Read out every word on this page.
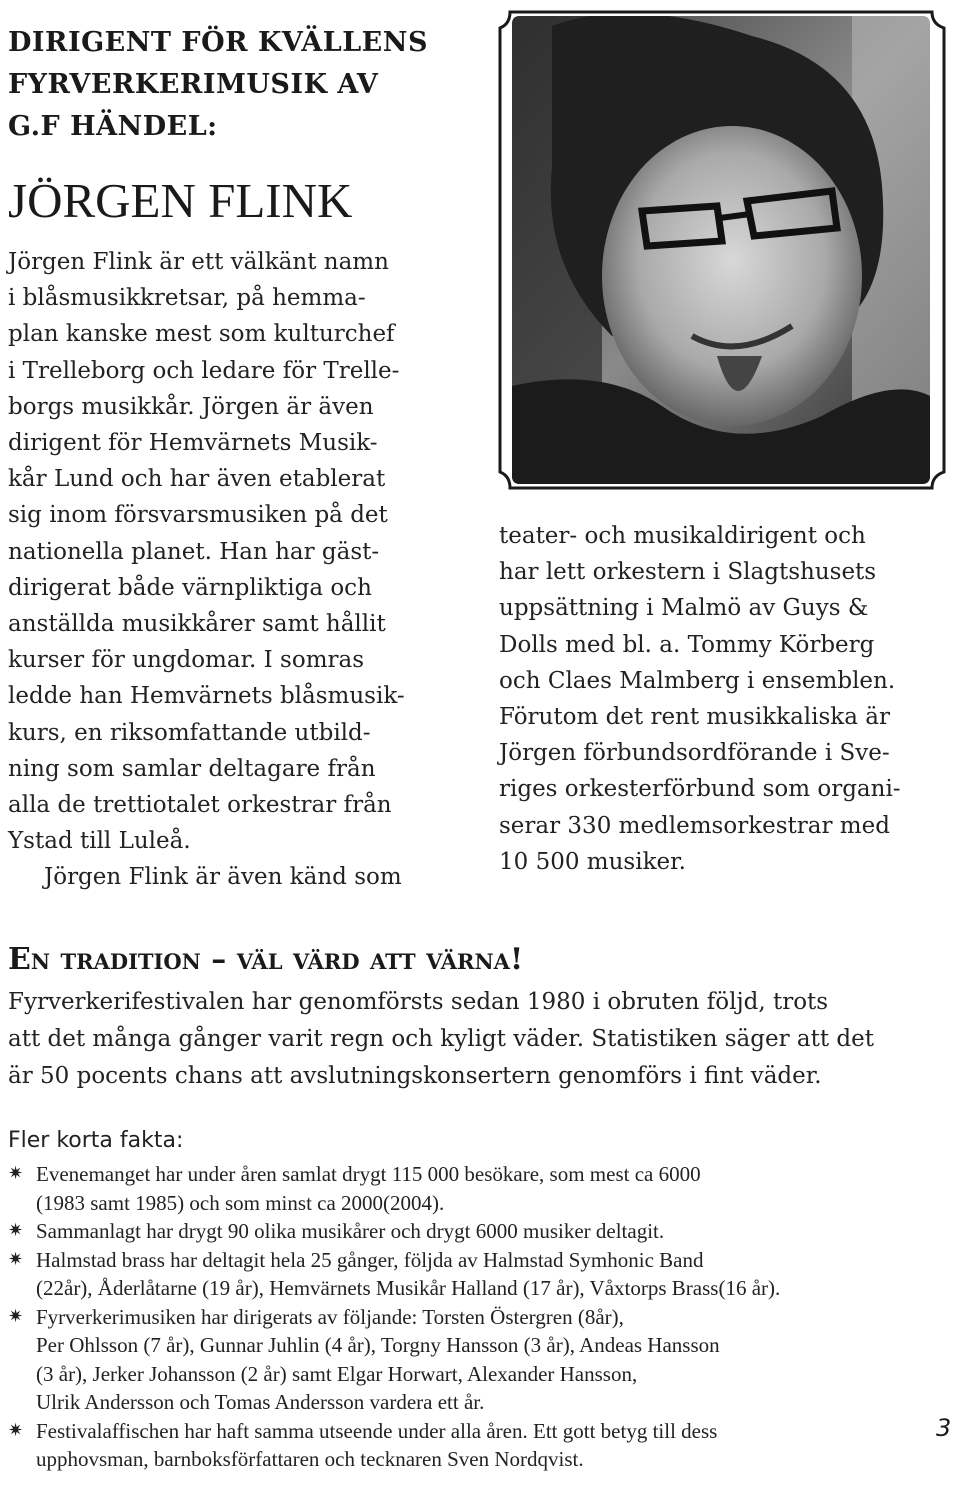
DIRIGENT FÖR KVÄLLENS
FYRVERKERIMUSIK AV
G.F HÄNDEL:
JÖRGEN FLINK
Jörgen Flink är ett välkänt namn
i blåsmusikkretsar, på hemma-
plan kanske mest som kulturchef
i Trelleborg och ledare för Trelle-
borgs musikkår. Jörgen är även
dirigent för Hemvärnets Musik-
kår Lund och har även etablerat
sig inom försvarsmusiken på det
nationella planet. Han har gäst-
dirigerat både värnpliktiga och
anställda musikkårer samt hållit
kurser för ungdomar. I somras
ledde han Hemvärnets blåsmusik-
kurs, en riksomfattande utbild-
ning som samlar deltagare från
alla de trettiotalet orkestrar från
Ystad till Luleå.
Jörgen Flink är även känd som
teater- och musikaldirigent och
har lett orkestern i Slagtshusets
uppsättning i Malmö av Guys &
Dolls med bl. a. Tommy Körberg
och Claes Malmberg i ensemblen.
Förutom det rent musikkaliska är
Jörgen förbundsordförande i Sve-
riges orkesterförbund som organi-
serar 330 medlemsorkestrar med
10 500 musiker.
En tradition – väl värd att värna!
Fyrverkerifestivalen har genomförsts sedan 1980 i obruten följd, trots
att det många gånger varit regn och kyligt väder. Statistiken säger att det
är 50 pocents chans att avslutningskonsertern genomförs i fint väder.
Fler korta fakta:
✷ Evenemanget har under åren samlat drygt 115 000 besökare, som mest ca 6000
(1983 samt 1985) och som minst ca 2000(2004).
✷ Sammanlagt har drygt 90 olika musikårer och drygt 6000 musiker deltagit.
✷ Halmstad brass har deltagit hela 25 gånger, följda av Halmstad Symhonic Band
(22år), Åderlåtarne (19 år), Hemvärnets Musikår Halland (17 år), Våxtorps Brass(16 år).
✷ Fyrverkerimusiken har dirigerats av följande: Torsten Östergren (8år),
Per Ohlsson (7 år), Gunnar Juhlin (4 år), Torgny Hansson (3 år), Andeas Hansson
(3 år), Jerker Johansson (2 år) samt Elgar Horwart, Alexander Hansson,
Ulrik Andersson och Tomas Andersson vardera ett år.
✷ Festivalaffischen har haft samma utseende under alla åren. Ett gott betyg till dess
upphovsman, barnboksförfattaren och tecknaren Sven Nordqvist.
3
